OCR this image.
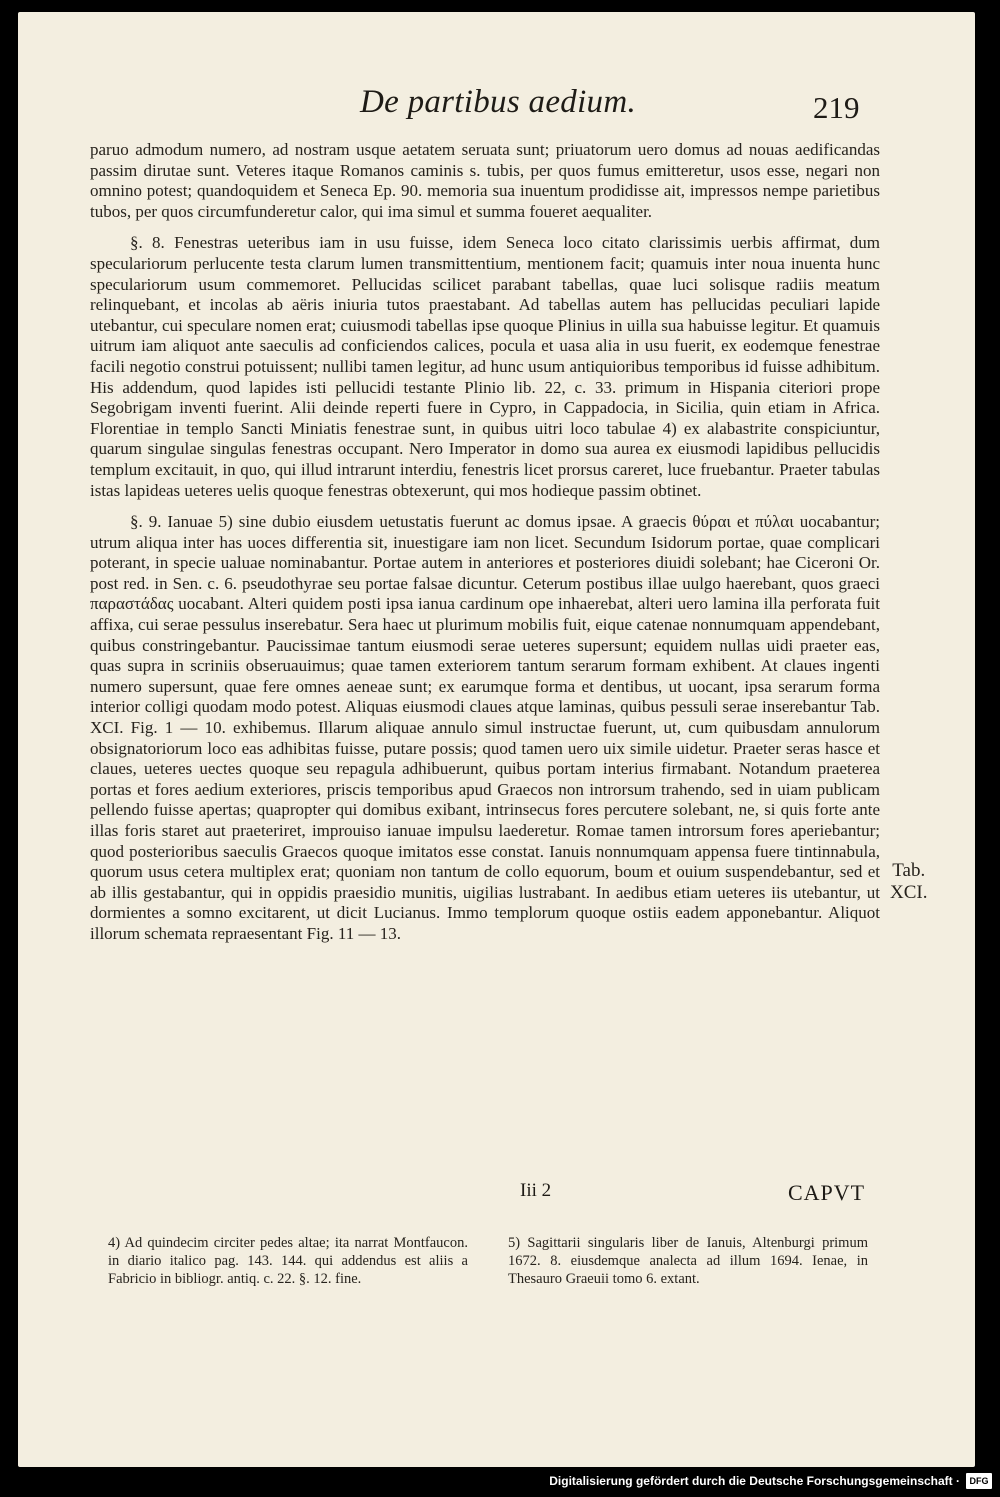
De partibus aedium.	219

paruo admodum numero, ad nostram usque aetatem seruata sunt; priuatorum uero domus ad nouas aedificandas passim dirutae sunt. Veteres itaque Romanos caminis s. tubis, per quos fumus emitteretur, usos esse, negari non omnino potest; quandoquidem et Seneca Ep. 90. memoria sua inuentum prodidisse ait, impressos nempe parietibus tubos, per quos circumfunderetur calor, qui ima simul et summa foueret aequaliter.

§. 8. Fenestras ueteribus iam in usu fuisse, idem Seneca loco citato clarissimis uerbis affirmat, dum speculariorum perlucente testa clarum lumen transmittentium, mentionem facit; quamuis inter noua inuenta hunc speculariorum usum commemoret. Pellucidas scilicet parabant tabellas, quae luci solisque radiis meatum relinquebant, et incolas ab aëris iniuria tutos praestabant. Ad tabellas autem has pellucidas peculiari lapide utebantur, cui speculare nomen erat; cuiusmodi tabellas ipse quoque Plinius in uilla sua habuisse legitur. Et quamuis uitrum iam aliquot ante saeculis ad conficiendos calices, pocula et uasa alia in usu fuerit, ex eodemque fenestrae facili negotio construi potuissent; nullibi tamen legitur, ad hunc usum antiquioribus temporibus id fuisse adhibitum. His addendum, quod lapides isti pellucidi testante Plinio lib. 22, c. 33. primum in Hispania citeriori prope Segobrigam inventi fuerint. Alii deinde reperti fuere in Cypro, in Cappadocia, in Sicilia, quin etiam in Africa. Florentiae in templo Sancti Miniatis fenestrae sunt, in quibus uitri loco tabulae 4) ex alabastrite conspiciuntur, quarum singulae singulas fenestras occupant. Nero Imperator in domo sua aurea ex eiusmodi lapidibus pellucidis templum excitauit, in quo, qui illud intrarunt interdiu, fenestris licet prorsus careret, luce fruebantur. Praeter tabulas istas lapideas ueteres uelis quoque fenestras obtexerunt, qui mos hodieque passim obtinet.

§. 9. Ianuae 5) sine dubio eiusdem uetustatis fuerunt ac domus ipsae. A graecis θύραι et πύλαι uocabantur; utrum aliqua inter has uoces differentia sit, inuestigare iam non licet. Secundum Isidorum portae, quae complicari poterant, in specie ualuae nominabantur. Portae autem in anteriores et posteriores diuidi solebant; hae Ciceroni Or. post red. in Sen. c. 6. pseudothyrae seu portae falsae dicuntur. Ceterum postibus illae uulgo haerebant, quos graeci παραστάδας uocabant. Alteri quidem posti ipsa ianua cardinum ope inhaerebat, alteri uero lamina illa perforata fuit affixa, cui serae pessulus inserebatur. Sera haec ut plurimum mobilis fuit, eique catenae nonnumquam appendebant, quibus constringebantur. Paucissimae tantum eiusmodi serae ueteres supersunt; equidem nullas uidi praeter eas, quas supra in scriniis obseruauimus; quae tamen exteriorem tantum serarum formam exhibent. At claues ingenti numero supersunt, quae fere omnes aeneae sunt; ex earumque forma et dentibus, ut uocant, ipsa serarum forma interior colligi quodam modo potest. Aliquas eiusmodi claues atque laminas, quibus pessuli serae inserebantur Tab. XCI. Fig. 1 — 10. exhibemus. Illarum aliquae annulo simul instructae fuerunt, ut, cum quibusdam annulorum obsignatoriorum loco eas adhibitas fuisse, putare possis; quod tamen uero uix simile uidetur. Praeter seras hasce et claues, ueteres uectes quoque seu repagula adhibuerunt, quibus portam interius firmabant. Notandum praeterea portas et fores aedium exteriores, priscis temporibus apud Graecos non introrsum trahendo, sed in uiam publicam pellendo fuisse apertas; quapropter qui domibus exibant, intrinsecus fores percutere solebant, ne, si quis forte ante illas foris staret aut praeteriret, improuiso ianuae impulsu laederetur. Romae tamen introrsum fores aperiebantur; quod posterioribus saeculis Graecos quoque imitatos esse constat. Ianuis nonnumquam appensa fuere tintinnabula, quorum usus cetera multiplex erat; quoniam non tantum de collo equorum, boum et ouium suspendebantur, sed et ab illis gestabantur, qui in oppidis praesidio munitis, uigilias lustrabant. In aedibus etiam ueteres iis utebantur, ut dormientes a somno excitarent, ut dicit Lucianus. Immo templorum quoque ostiis eadem apponebantur. Aliquot illorum schemata repraesentant Fig. 11 — 13.

Tab.
XCI.
Iii 2	CAPVT
4) Ad quindecim circiter pedes altae; ita narrat Montfaucon. in diario italico pag. 143. 144. qui addendus est aliis a Fabricio in bibliogr. antiq. c. 22. §. 12. fine.
5) Sagittarii singularis liber de Ianuis, Altenburgi primum 1672. 8. eiusdemque analecta ad illum 1694. Ienae, in Thesauro Graeuii tomo 6. extant.
Digitalisierung gefördert durch die Deutsche Forschungsgemeinschaft ·	DFG
